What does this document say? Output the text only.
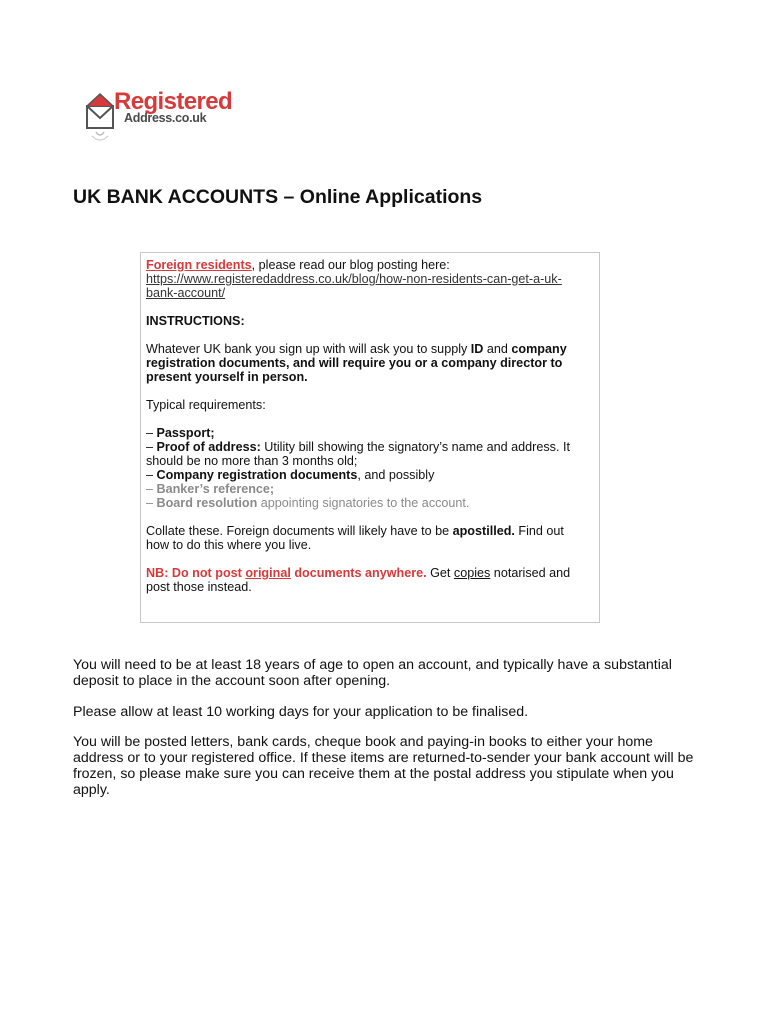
Registered
Address.co.uk
UK BANK ACCOUNTS – Online Applications

Foreign residents, please read our blog posting here:

https://www.registeredaddress.co.uk/blog/how-non-residents-can-get-a-uk-
bank-account/

INSTRUCTIONS:

Whatever UK bank you sign up with will ask you to supply ID and company
registration documents, and will require you or a company director to
present yourself in person.

Typical requirements:

– Passport;
– Proof of address: Utility bill showing the signatory’s name and address. It
should be no more than 3 months old;
– Company registration documents, and possibly
– Banker’s reference;
– Board resolution appointing signatories to the account.

Collate these. Foreign documents will likely have to be apostilled. Find out
how to do this where you live.

NB: Do not post original documents anywhere. Get copies notarised and
post those instead.

You will need to be at least 18 years of age to open an account, and typically have a substantial
deposit to place in the account soon after opening.

Please allow at least 10 working days for your application to be finalised.

You will be posted letters, bank cards, cheque book and paying-in books to either your home
address or to your registered office. If these items are returned-to-sender your bank account will be
frozen, so please make sure you can receive them at the postal address you stipulate when you
apply.
